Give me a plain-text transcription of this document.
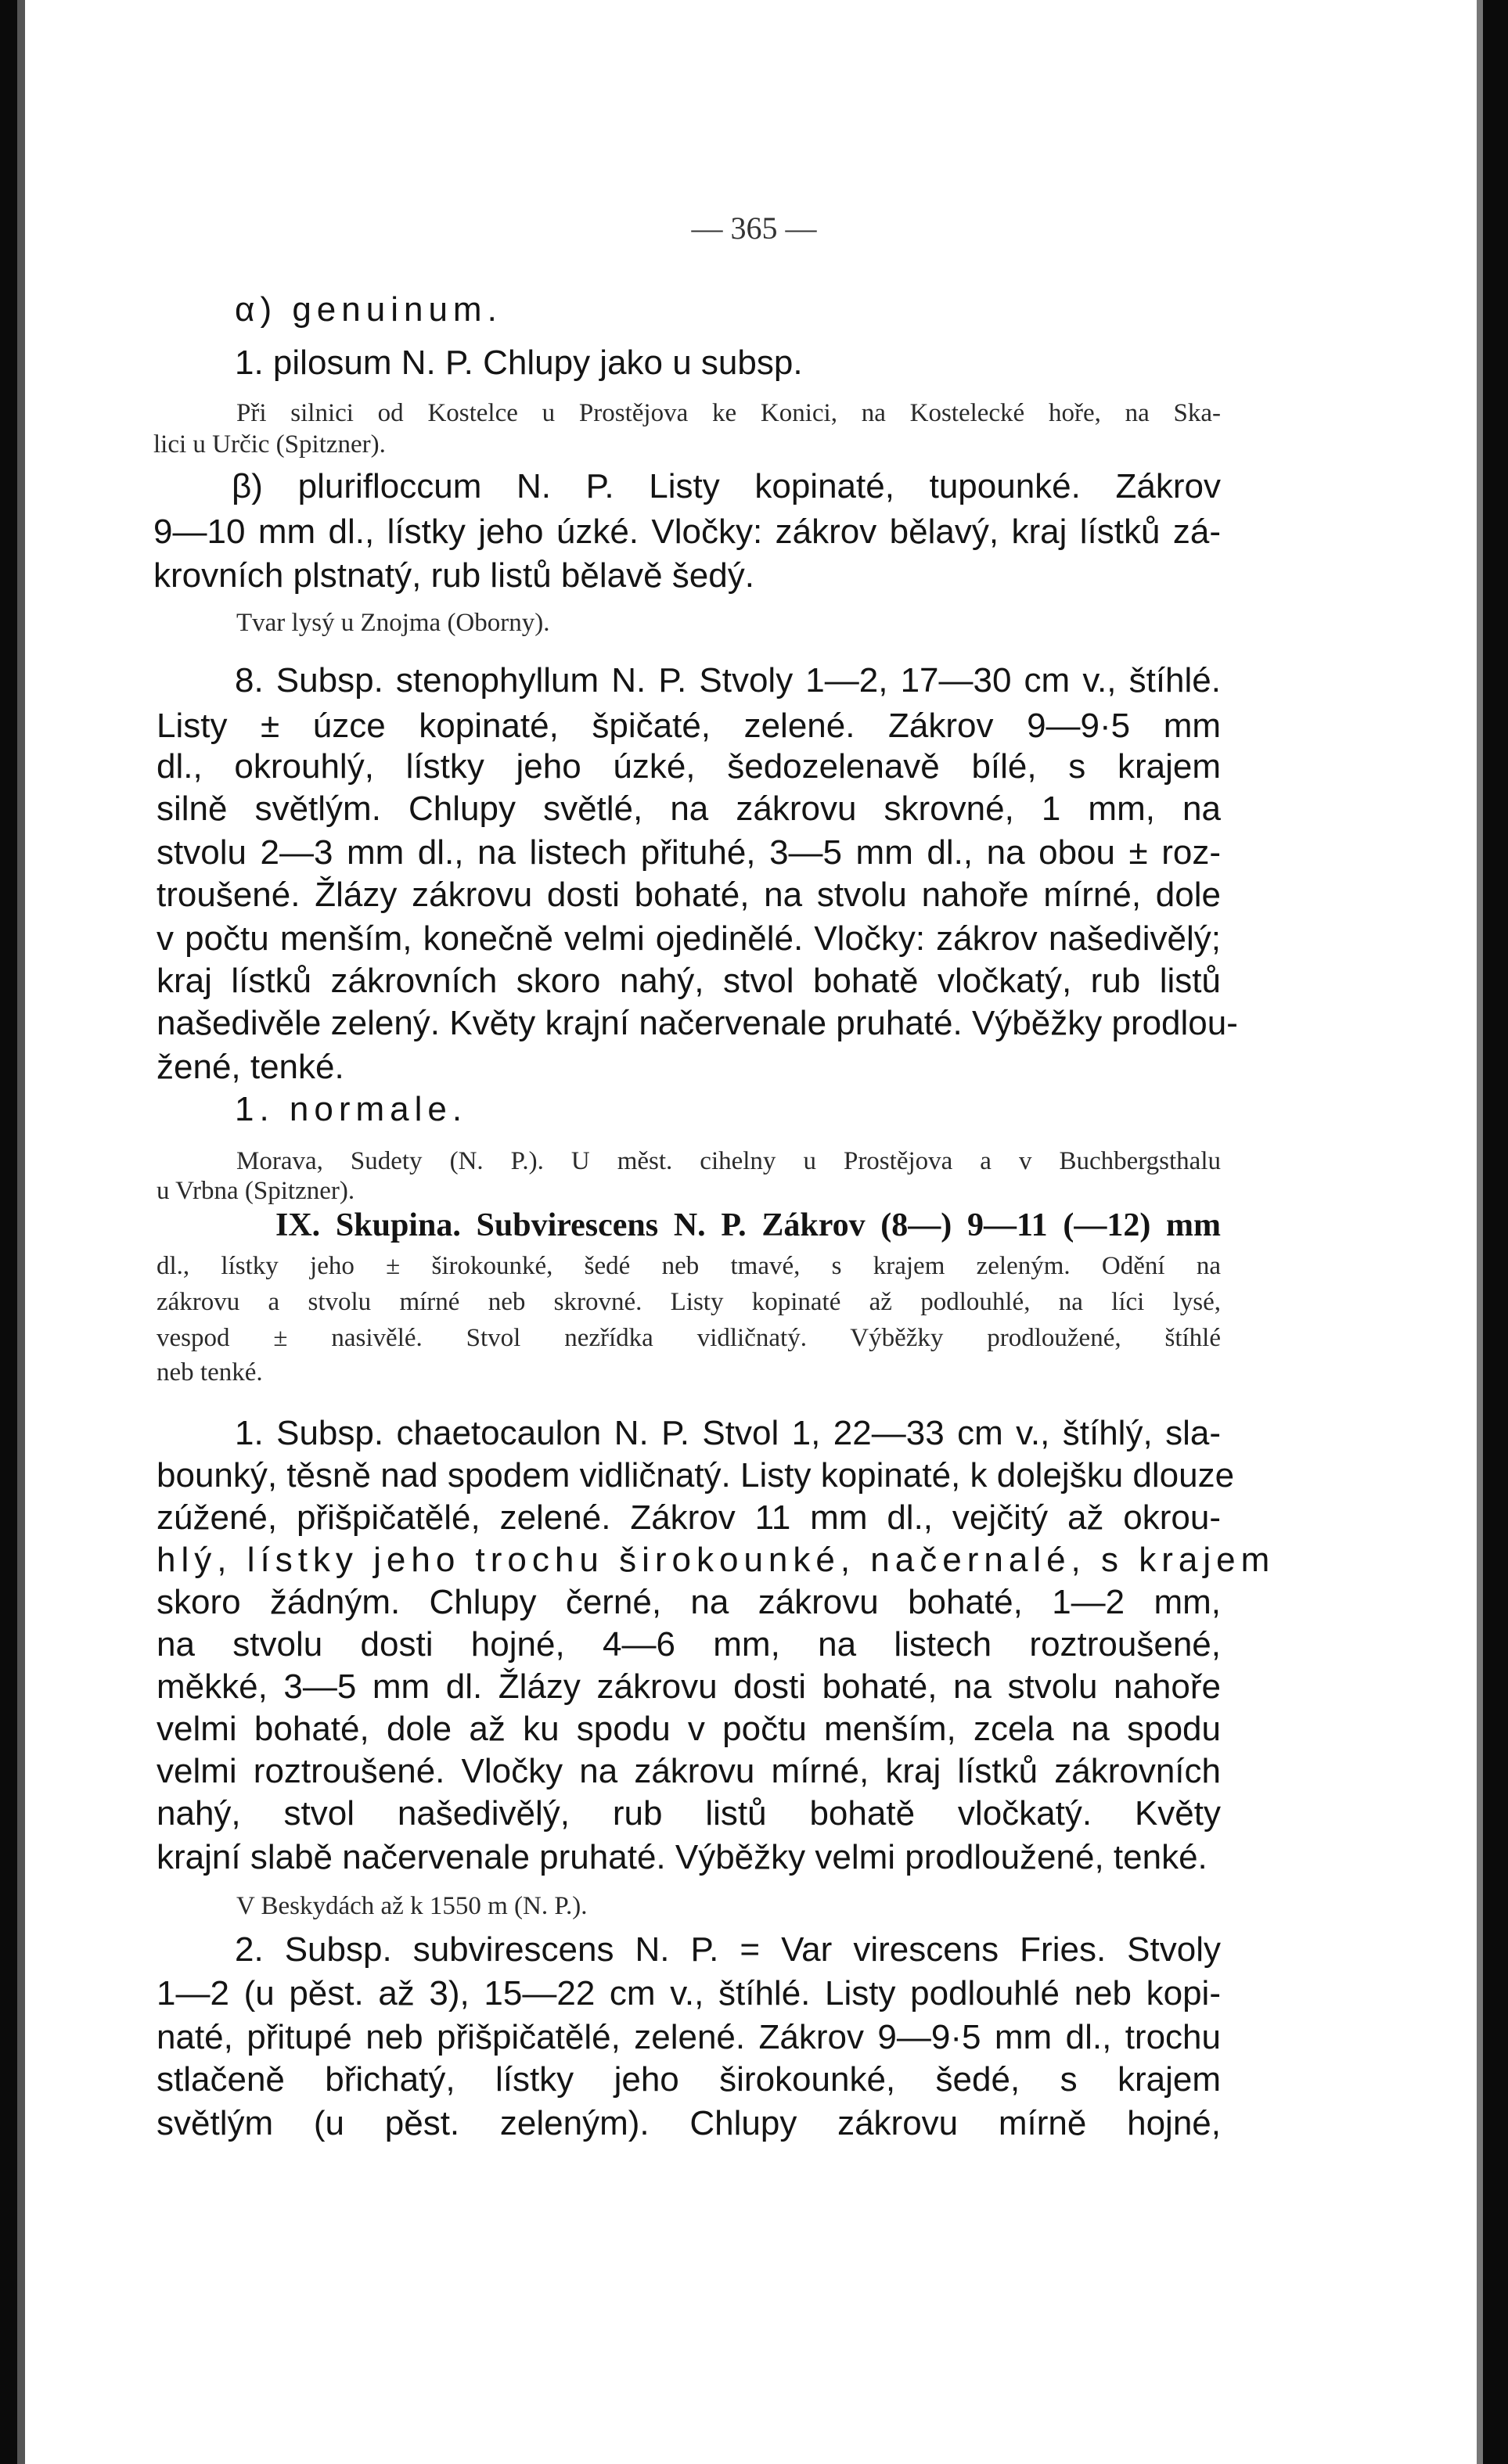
— 365 —
α) genuinum.
1. pilosum N. P. Chlupy jako u subsp.
Při silnici od Kostelce u Prostějova ke Konici, na Kostelecké hoře, na Ska-
lici u Určic (Spitzner).
β) plurifloccum N. P. Listy kopinaté, tupounké. Zákrov
9—10 mm dl., lístky jeho úzké. Vločky: zákrov bělavý, kraj lístků zá-
krovních plstnatý, rub listů bělavě šedý.
Tvar lysý u Znojma (Oborny).
8. Subsp. stenophyllum N. P. Stvoly 1—2, 17—30 cm v., štíhlé.
Listy ± úzce kopinaté, špičaté, zelené. Zákrov 9—9·5 mm
dl., okrouhlý, lístky jeho úzké, šedozelenavě bílé, s krajem
silně světlým. Chlupy světlé, na zákrovu skrovné, 1 mm, na
stvolu 2—3 mm dl., na listech přituhé, 3—5 mm dl., na obou ± roz-
troušené. Žlázy zákrovu dosti bohaté, na stvolu nahoře mírné, dole
v počtu menším, konečně velmi ojedinělé. Vločky: zákrov našedivělý;
kraj lístků zákrovních skoro nahý, stvol bohatě vločkatý, rub listů
našedivěle zelený. Květy krajní načervenale pruhaté. Výběžky prodlou-
žené, tenké.
1. normale.
Morava, Sudety (N. P.). U měst. cihelny u Prostějova a v Buchbergsthalu
u Vrbna (Spitzner).
IX. Skupina. Subvirescens N. P. Zákrov (8—) 9—11 (—12) mm
dl., lístky jeho ± širokounké, šedé neb tmavé, s krajem zeleným. Odění na
zákrovu a stvolu mírné neb skrovné. Listy kopinaté až podlouhlé, na líci lysé,
vespod ± nasivělé. Stvol nezřídka vidličnatý. Výběžky prodloužené, štíhlé
neb tenké.
1. Subsp. chaetocaulon N. P. Stvol 1, 22—33 cm v., štíhlý, sla-
bounký, těsně nad spodem vidličnatý. Listy kopinaté, k dolejšku dlouze
zúžené, přišpičatělé, zelené. Zákrov 11 mm dl., vejčitý až okrou-
hlý, lístky jeho trochu širokounké, načernalé, s krajem
skoro žádným. Chlupy černé, na zákrovu bohaté, 1—2 mm,
na stvolu dosti hojné, 4—6 mm, na listech roztroušené,
měkké, 3—5 mm dl. Žlázy zákrovu dosti bohaté, na stvolu nahoře
velmi bohaté, dole až ku spodu v počtu menším, zcela na spodu
velmi roztroušené. Vločky na zákrovu mírné, kraj lístků zákrovních
nahý, stvol našedivělý, rub listů bohatě vločkatý. Květy
krajní slabě načervenale pruhaté. Výběžky velmi prodloužené, tenké.
V Beskydách až k 1550 m (N. P.).
2. Subsp. subvirescens N. P. = Var virescens Fries. Stvoly
1—2 (u pěst. až 3), 15—22 cm v., štíhlé. Listy podlouhlé neb kopi-
naté, přitupé neb přišpičatělé, zelené. Zákrov 9—9·5 mm dl., trochu
stlačeně břichatý, lístky jeho širokounké, šedé, s krajem
světlým (u pěst. zeleným). Chlupy zákrovu mírně hojné,
